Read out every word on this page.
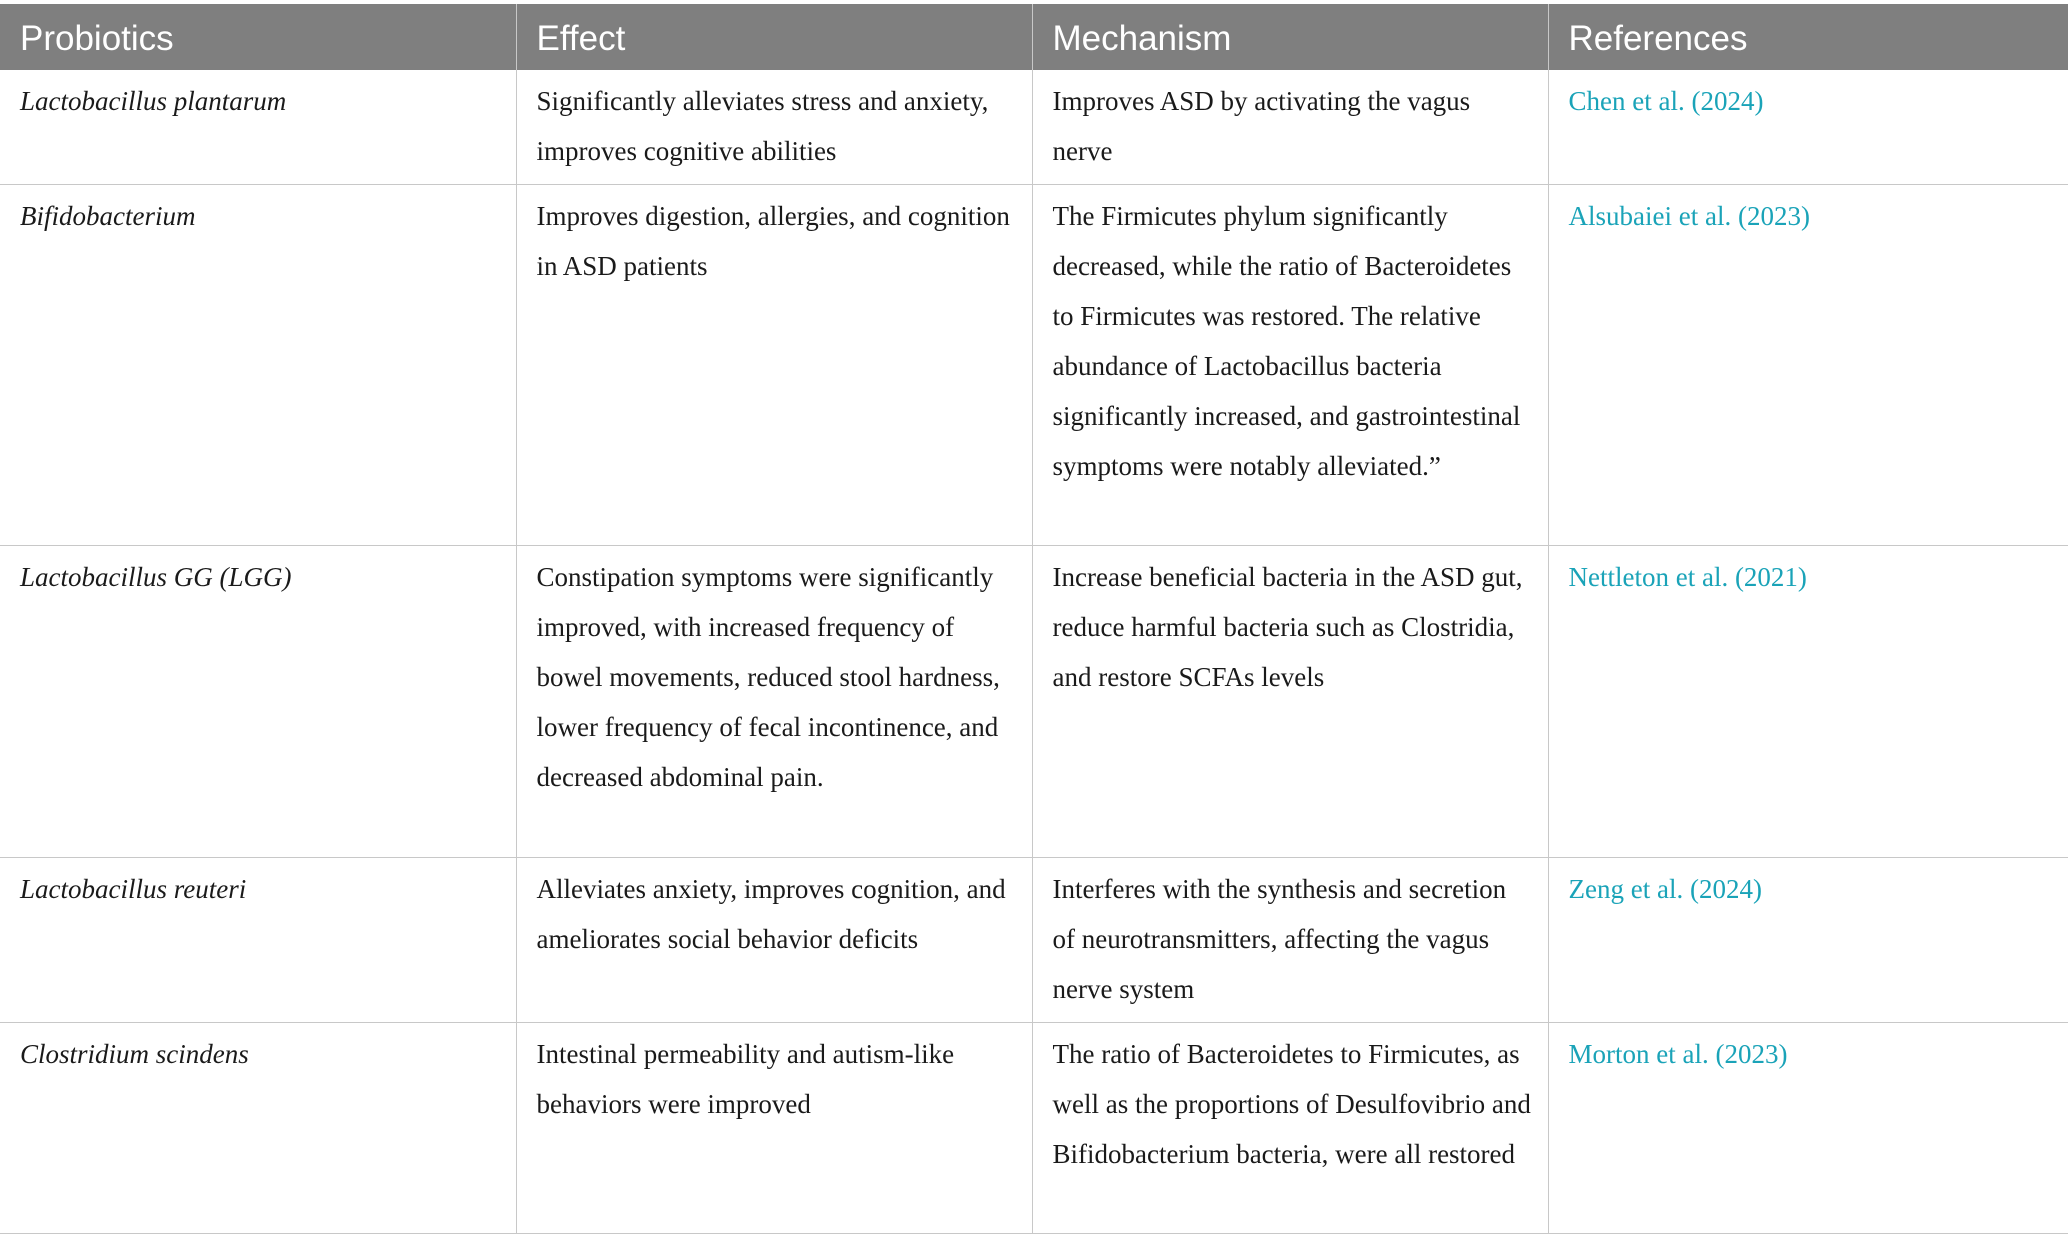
Probiotics	Effect	Mechanism	References
Lactobacillus plantarum	Significantly alleviates stress and anxiety, improves cognitive abilities	Improves ASD by activating the vagus nerve	Chen et al. (2024)
Bifidobacterium	Improves digestion, allergies, and cognition in ASD patients	The Firmicutes phylum significantly decreased, while the ratio of Bacteroidetes to Firmicutes was restored. The relative abundance of Lactobacillus bacteria significantly increased, and gastrointestinal symptoms were notably alleviated.”	Alsubaiei et al. (2023)
Lactobacillus GG (LGG)	Constipation symptoms were significantly improved, with increased frequency of bowel movements, reduced stool hardness, lower frequency of fecal incontinence, and decreased abdominal pain.	Increase beneficial bacteria in the ASD gut, reduce harmful bacteria such as Clostridia, and restore SCFAs levels	Nettleton et al. (2021)
Lactobacillus reuteri	Alleviates anxiety, improves cognition, and ameliorates social behavior deficits	Interferes with the synthesis and secretion of neurotransmitters, affecting the vagus nerve system	Zeng et al. (2024)
Clostridium scindens	Intestinal permeability and autism-like behaviors were improved	The ratio of Bacteroidetes to Firmicutes, as well as the proportions of Desulfovibrio and Bifidobacterium bacteria, were all restored	Morton et al. (2023)
